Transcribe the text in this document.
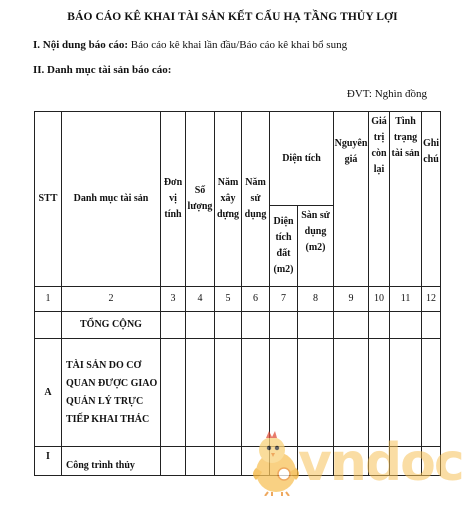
BÁO CÁO KÊ KHAI TÀI SẢN KẾT CẤU HẠ TẦNG THỦY LỢI
I. Nội dung báo cáo: Báo cáo kê khai lần đầu/Báo cáo kê khai bổ sung
II. Danh mục tài sản báo cáo:
ĐVT: Nghìn đồng
STT	Danh mục tài sản	Đơn vị tính	Số lượng	Năm xây dựng	Năm sử dụng	Diện tích		Nguyên giá	Giá trị còn lại	Tình trạng tài sản	Ghi chú

						Diện tích đất (m2)	Sàn sử dụng (m2)				
1	2	3	4	5	6	7	8	9	10	11	12
	TỔNG CỘNG										
A	TÀI SẢN DO CƠ QUAN ĐƯỢC GIAO QUẢN LÝ TRỰC TIẾP KHAI THÁC										
I	Công trình thủy											vndoc
